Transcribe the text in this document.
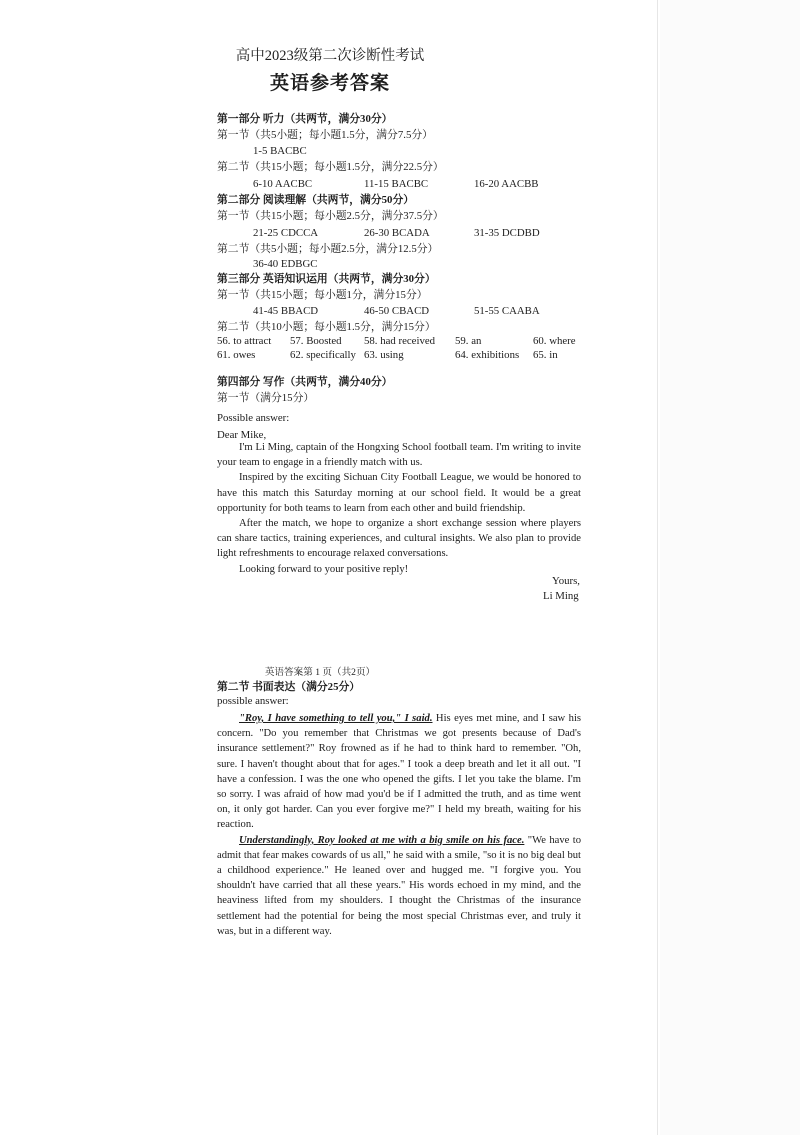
高中2023级第二次诊断性考试
英语参考答案
第一部分 听力（共两节，满分30分）
第一节（共5小题；每小题1.5分，满分7.5分）
1-5 BACBC
第二节（共15小题；每小题1.5分，满分22.5分）
6-10 AACBC	11-15 BACBC	16-20 AACBB
第二部分 阅读理解（共两节，满分50分）
第一节（共15小题；每小题2.5分，满分37.5分）
21-25 CDCCA	26-30 BCADA	31-35 DCDBD
第二节（共5小题；每小题2.5分，满分12.5分）
36-40 EDBGC
第三部分 英语知识运用（共两节，满分30分）
第一节（共15小题；每小题1分，满分15分）
41-45 BBACD	46-50 CBACD	51-55 CAABA
第二节（共10小题；每小题1.5分，满分15分）
56. to attract 57. Boosted 58. had received 59. an	60. where
61. owes	62. specifically 63. using	64. exhibitions 65. in
第四部分 写作（共两节，满分40分）
第一节（满分15分）
Possible answer:
Dear Mike,

I'm Li Ming, captain of the Hongxing School football team. I'm writing to invite your team to engage in a friendly match with us.

Inspired by the exciting Sichuan City Football League, we would be honored to have this match this Saturday morning at our school field. It would be a great opportunity for both teams to learn from each other and build friendship.

After the match, we hope to organize a short exchange session where players can share tactics, training experiences, and cultural insights. We also plan to provide light refreshments to encourage relaxed conversations.

Looking forward to your positive reply!

Yours,
Li Ming
英语答案第 1 页（共2页）
第二节 书面表达（满分25分）
possible answer:

"Roy, I have something to tell you," I said. His eyes met mine, and I saw his concern. "Do you remember that Christmas we got presents because of Dad's insurance settlement?" Roy frowned as if he had to think hard to remember. "Oh, sure. I haven't thought about that for ages." I took a deep breath and let it all out. "I have a confession. I was the one who opened the gifts. I let you take the blame. I'm so sorry. I was afraid of how mad you'd be if I admitted the truth, and as time went on, it only got harder. Can you ever forgive me?" I held my breath, waiting for his reaction.

Understandingly, Roy looked at me with a big smile on his face. "We have to admit that fear makes cowards of us all," he said with a smile, "so it is no big deal but a childhood experience." He leaned over and hugged me. "I forgive you. You shouldn't have carried that all these years." His words echoed in my mind, and the heaviness lifted from my shoulders. I thought the Christmas of the insurance settlement had the potential for being the most special Christmas ever, and truly it was, but in a different way.
